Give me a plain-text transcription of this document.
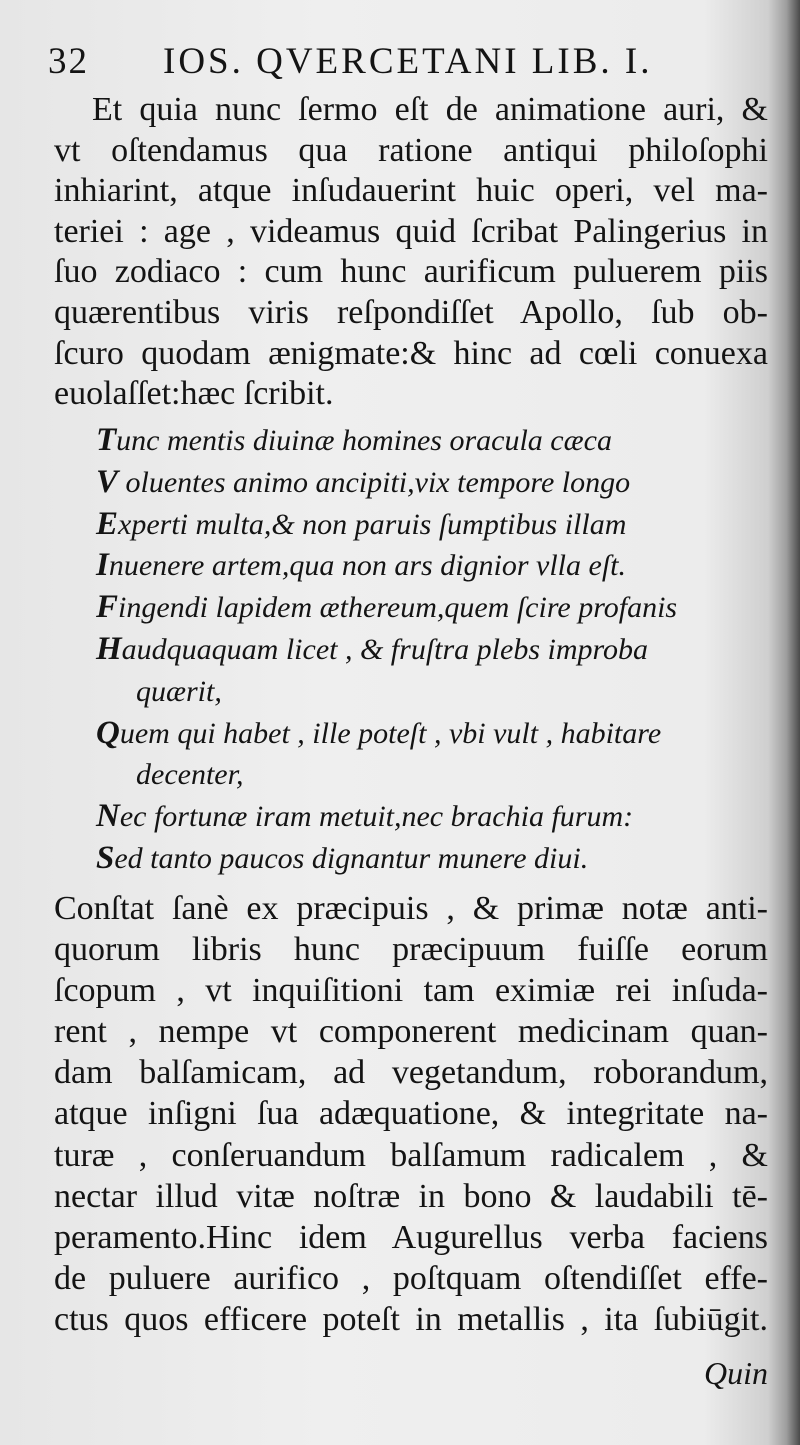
32 IOS. QVERCETANI LIB. I.
Et quia nunc ſermo eſt de animatione auri, &
vt oſtendamus qua ratione antiqui philoſophi
inhiarint, atque inſudauerint huic operi, vel ma-
teriei : age , videamus quid ſcribat Palingerius in
ſuo zodiaco : cum hunc aurificum puluerem piis
quærentibus viris reſpondiſſet Apollo, ſub ob-
ſcuro quodam ænigmate:& hinc ad cœli conuexa
euolaſſet:hæc ſcribit.
Tunc mentis diuinæ homines oracula cæca
V oluentes animo ancipiti,vix tempore longo
Experti multa,& non paruis ſumptibus illam
Inuenere artem,qua non ars dignior vlla eſt.
Fingendi lapidem æthereum,quem ſcire profanis
Haudquaquam licet , & fruſtra plebs improba
quærit,
Quem qui habet , ille poteſt , vbi vult , habitare
decenter,
Nec fortunæ iram metuit,nec brachia furum:
Sed tanto paucos dignantur munere diui.
Conſtat ſanè ex præcipuis , & primæ notæ anti-
quorum libris hunc præcipuum fuiſſe eorum
ſcopum , vt inquiſitioni tam eximiæ rei inſuda-
rent , nempe vt componerent medicinam quan-
dam balſamicam, ad vegetandum, roborandum,
atque inſigni ſua adæquatione, & integritate na-
turæ , conſeruandum balſamum radicalem , &
nectar illud vitæ noſtræ in bono & laudabili tē-
peramento.Hinc idem Augurellus verba faciens
de puluere aurifico , poſtquam oſtendiſſet effe-
ctus quos efficere poteſt in metallis , ita ſubiūgit.
Quin
